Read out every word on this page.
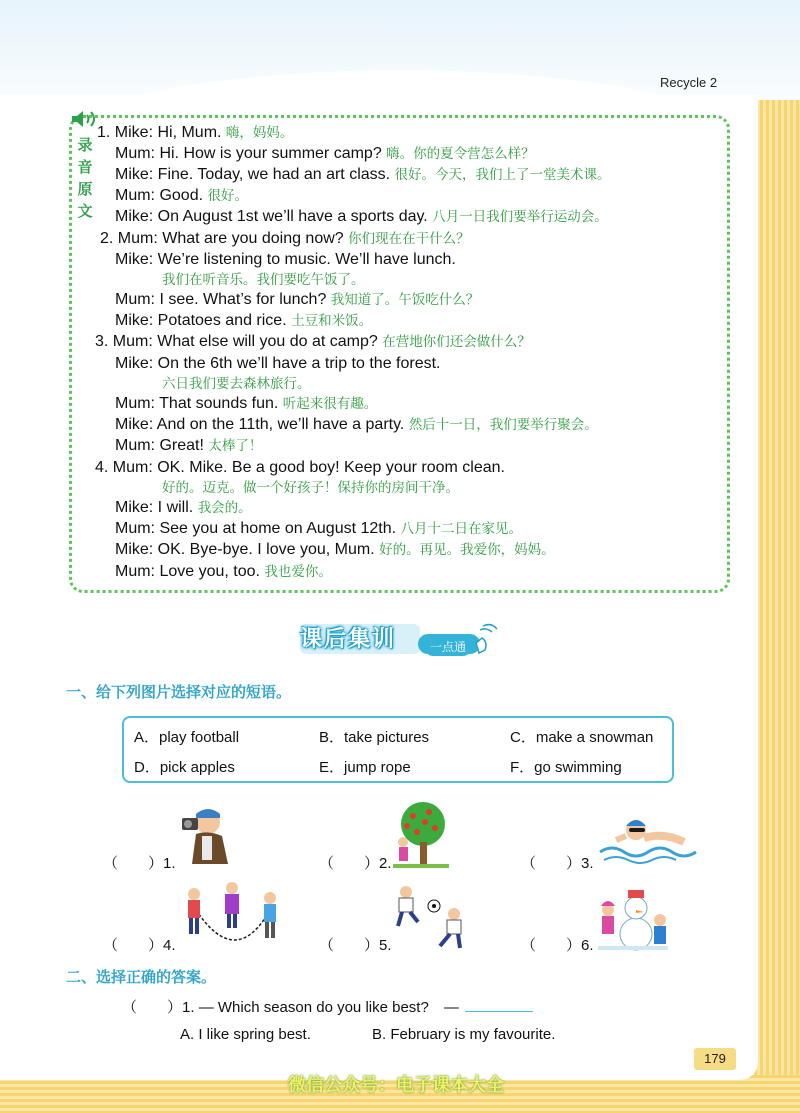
Recycle 2
录
音
原
文
1. Mike: Hi, Mum. 嗨，妈妈。
Mum: Hi. How is your summer camp? 嗨。你的夏令营怎么样？
Mike: Fine. Today, we had an art class. 很好。今天，我们上了一堂美术课。
Mum: Good. 很好。
Mike: On August 1st we’ll have a sports day. 八月一日我们要举行运动会。
2. Mum: What are you doing now? 你们现在在干什么？
Mike: We’re listening to music. We’ll have lunch.
我们在听音乐。我们要吃午饭了。
Mum: I see. What’s for lunch? 我知道了。午饭吃什么？
Mike: Potatoes and rice. 土豆和米饭。
3. Mum: What else will you do at camp? 在营地你们还会做什么？
Mike: On the 6th we’ll have a trip to the forest.
六日我们要去森林旅行。
Mum: That sounds fun. 听起来很有趣。
Mike: And on the 11th, we’ll have a party. 然后十一日，我们要举行聚会。
Mum: Great! 太棒了！
4. Mum: OK. Mike. Be a good boy! Keep your room clean.
好的。迈克。做一个好孩子！保持你的房间干净。
Mike: I will. 我会的。
Mum: See you at home on August 12th. 八月十二日在家见。
Mike: OK. Bye-bye. I love you, Mum. 好的。再见。我爱你，妈妈。
Mum: Love you, too. 我也爱你。
课后集训	一点通
一、给下列图片选择对应的短语。
A．play football	B．take pictures	C．make a snowman
D．pick apples	E．jump rope	F．go swimming
（　　）1.	（　　）2.	（　　）3.
（　　）4.	（　　）5.	（　　）6.
二、选择正确的答案。
（　　）1. — Which season do you like best?　—
A. I like spring best.	B. February is my favourite.
179
微信公众号：电子课本大全
